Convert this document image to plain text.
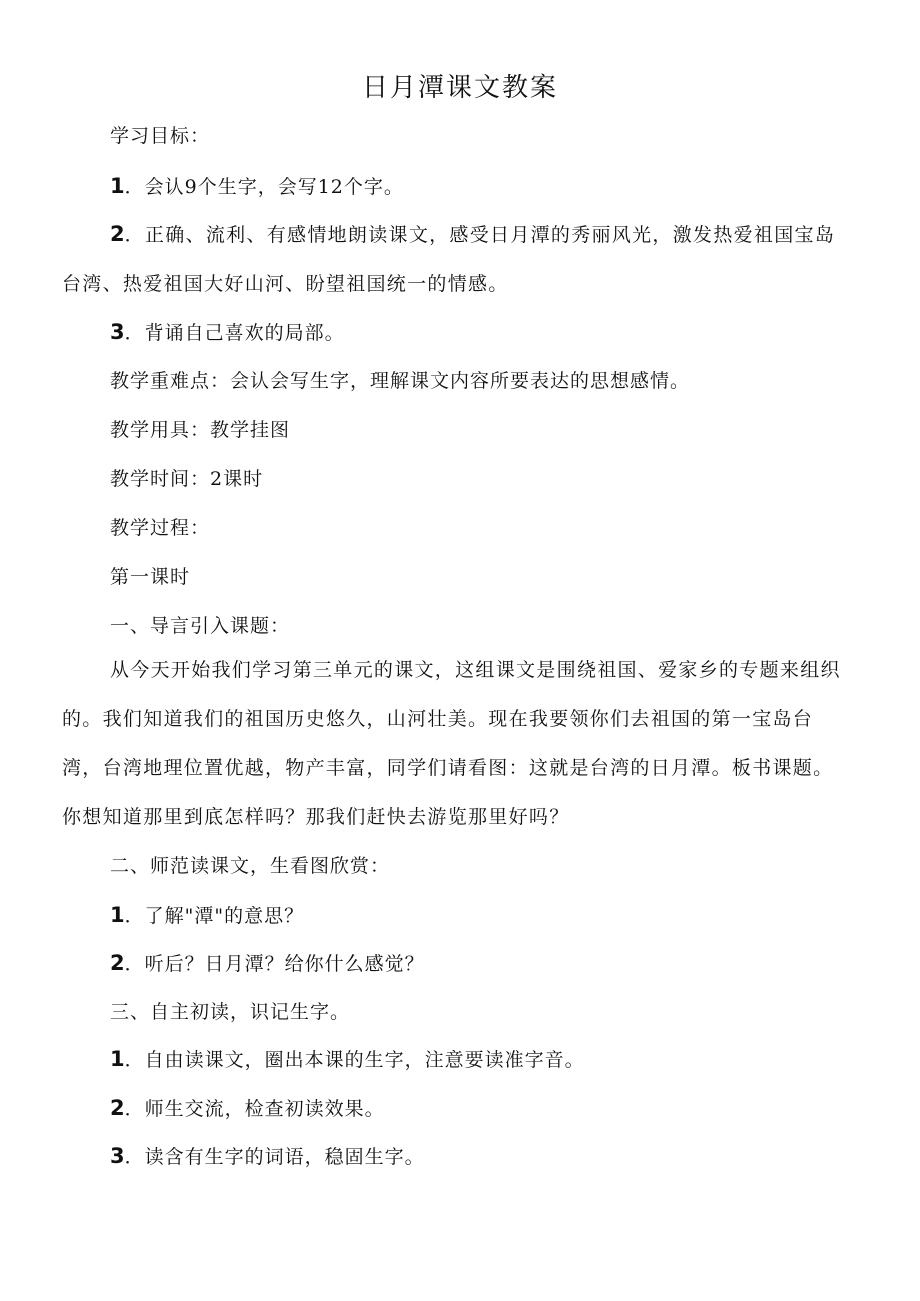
日月潭课文教案
学习目标：
1．会认9个生字，会写12个字。
2．正确、流利、有感情地朗读课文，感受日月潭的秀丽风光，激发热爱祖国宝岛台湾、热爱祖国大好山河、盼望祖国统一的情感。
3．背诵自己喜欢的局部。
教学重难点：会认会写生字，理解课文内容所要表达的思想感情。
教学用具：教学挂图
教学时间：2课时
教学过程：
第一课时
一、导言引入课题：
从今天开始我们学习第三单元的课文，这组课文是围绕祖国、爱家乡的专题来组织的。我们知道我们的祖国历史悠久，山河壮美。现在我要领你们去祖国的第一宝岛台湾，台湾地理位置优越，物产丰富，同学们请看图：这就是台湾的日月潭。板书课题。你想知道那里到底怎样吗？那我们赶快去游览那里好吗？
二、师范读课文，生看图欣赏：
1．了解"潭"的意思？
2．听后？日月潭？给你什么感觉？
三、自主初读，识记生字。
1．自由读课文，圈出本课的生字，注意要读准字音。
2．师生交流，检查初读效果。
3．读含有生字的词语，稳固生字。
